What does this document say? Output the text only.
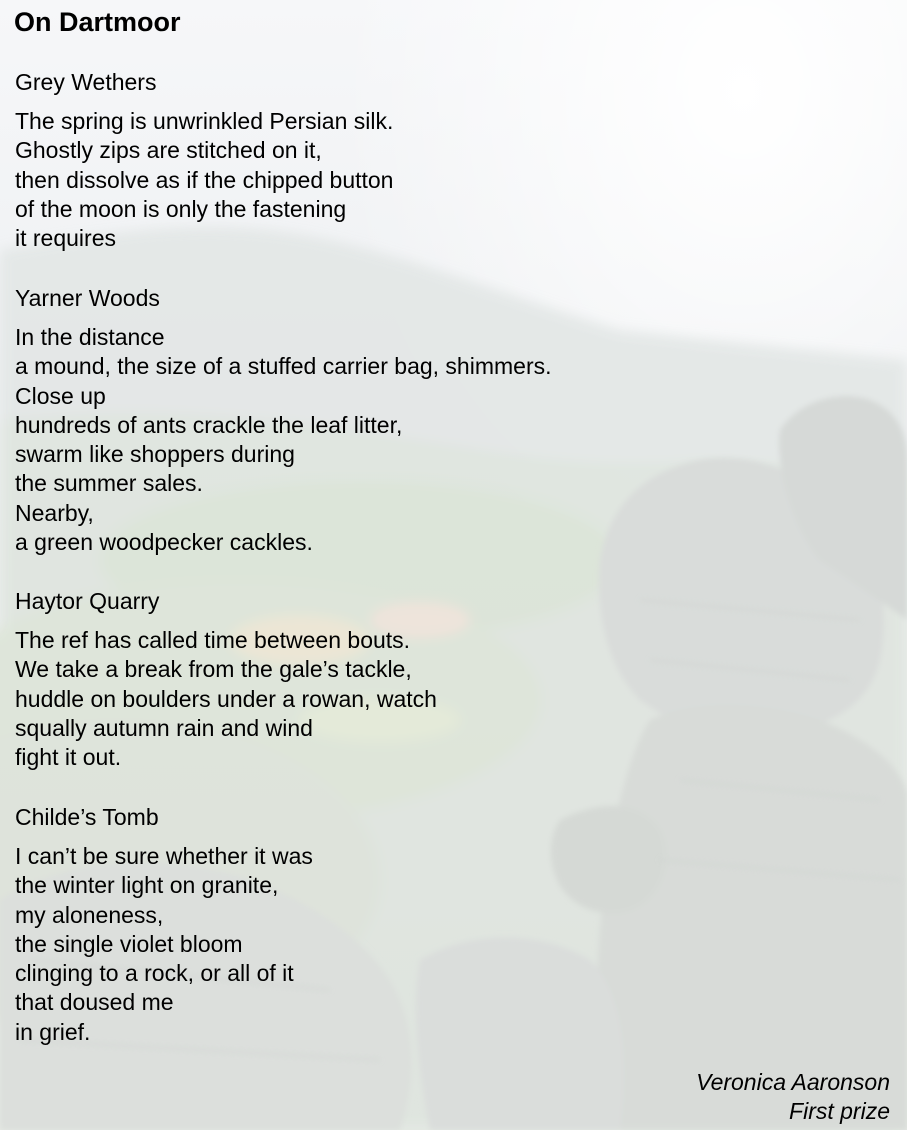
On Dartmoor
Grey Wethers
The spring is unwrinkled Persian silk.
Ghostly zips are stitched on it,
then dissolve as if the chipped button
of the moon is only the fastening
it requires
Yarner Woods
In the distance
a mound, the size of a stuffed carrier bag, shimmers.
Close up
hundreds of ants crackle the leaf litter,
swarm like shoppers during
the summer sales.
Nearby,
a green woodpecker cackles.
Haytor Quarry
The ref has called time between bouts.
We take a break from the gale’s tackle,
huddle on boulders under a rowan, watch
squally autumn rain and wind
fight it out.
Childe’s Tomb
I can’t be sure whether it was
the winter light on granite,
my aloneness,
the single violet bloom
clinging to a rock, or all of it
that doused me
in grief.
Veronica Aaronson
First prize
